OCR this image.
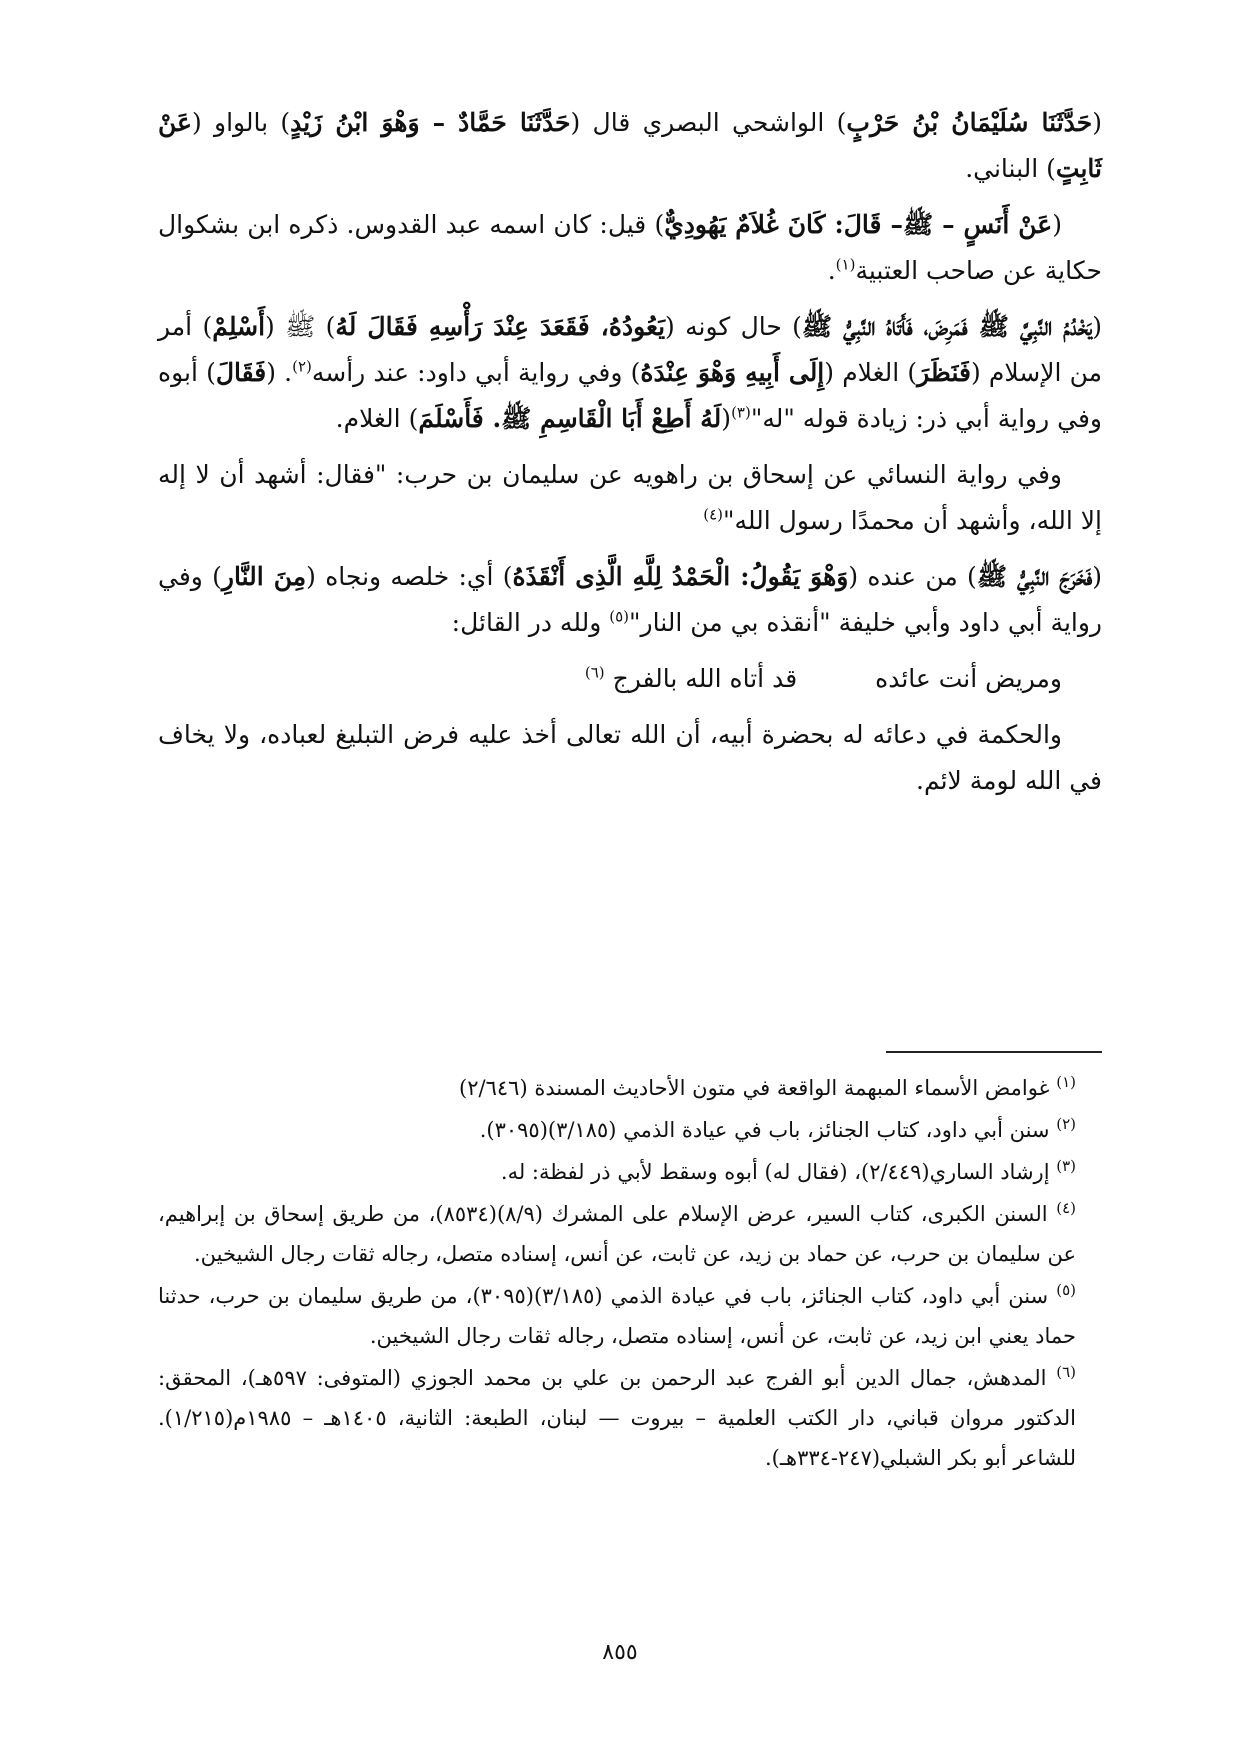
(حَدَّثَنَا سُلَيْمَانُ بْنُ حَرْبٍ) الواشحي البصري قال (حَدَّثَنَا حَمَّادٌ – وَهْوَ ابْنُ زَيْدٍ) بالواو (عَنْ ثَابِتٍ) البناني.

(عَنْ أَنَسٍ – ﷺ– قَالَ: كَانَ غُلاَمٌ يَهُودِيٌّ) قيل: كان اسمه عبد القدوس. ذكره ابن بشكوال حكاية عن صاحب العتبية$^{(١)}$.

(يَخْدُمُ النَّبِيَّ ﷺ فَمَرِضَ، فَأَتَاهُ النَّبِيُّ ﷺ) حال كونه (يَعُودُهُ، فَقَعَدَ عِنْدَ رَأْسِهِ فَقَالَ لَهُ) ﷺ (أَسْلِمْ) أمر من الإسلام (فَنَظَرَ) الغلام (إِلَى أَبِيهِ وَهْوَ عِنْدَهُ) وفي رواية أبي داود: عند رأسه$^{(٢)}$. (فَقَالَ) أبوه وفي رواية أبي ذر: زيادة قوله "له"$^{(٣)}$(لَهُ أَطِعْ أَبَا الْقَاسِمِ ﷺ. فَأَسْلَمَ) الغلام.

وفي رواية النسائي عن إسحاق بن راهويه عن سليمان بن حرب: "فقال: أشهد أن لا إله إلا الله، وأشهد أن محمدًا رسول الله"$^{(٤)}$

(فَخَرَجَ النَّبِيُّ ﷺ) من عنده (وَهْوَ يَقُولُ: الْحَمْدُ لِلَّهِ الَّذِى أَنْقَذَهُ) أي: خلصه ونجاه (مِنَ النَّارِ) وفي رواية أبي داود وأبي خليفة "أنقذه بي من النار"$^{(٥)}$ ولله در القائل:

ومريض أنت عائده قد أتاه الله بالفرج $^{(٦)}$

والحكمة في دعائه له بحضرة أبيه، أن الله تعالى أخذ عليه فرض التبليغ لعباده، ولا يخاف في الله لومة لائم.

$^{(١)}$ غوامض الأسماء المبهمة الواقعة في متون الأحاديث المسندة (٢/٦٤٦)
$^{(٢)}$ سنن أبي داود، كتاب الجنائز، باب في عيادة الذمي (٣/١٨٥)(٣٠٩٥).
$^{(٣)}$ إرشاد الساري(٢/٤٤٩)، (فقال له) أبوه وسقط لأبي ذر لفظة: له.
$^{(٤)}$ السنن الكبرى، كتاب السير، عرض الإسلام على المشرك (٨/٩)(٨٥٣٤)، من طريق إسحاق بن إبراهيم، عن سليمان بن حرب، عن حماد بن زيد، عن ثابت، عن أنس، إسناده متصل، رجاله ثقات رجال الشيخين.
$^{(٥)}$ سنن أبي داود، كتاب الجنائز، باب في عيادة الذمي (٣/١٨٥)(٣٠٩٥)، من طريق سليمان بن حرب، حدثنا حماد يعني ابن زيد، عن ثابت، عن أنس، إسناده متصل، رجاله ثقات رجال الشيخين.
$^{(٦)}$ المدهش، جمال الدين أبو الفرج عبد الرحمن بن علي بن محمد الجوزي (المتوفى: ٥٩٧هـ)، المحقق: الدكتور مروان قباني، دار الكتب العلمية – بيروت — لبنان، الطبعة: الثانية، ١٤٠٥هـ – ١٩٨٥م(١/٢١٥). للشاعر أبو بكر الشبلي(٢٤٧-٣٣٤هـ).
٨٥٥
